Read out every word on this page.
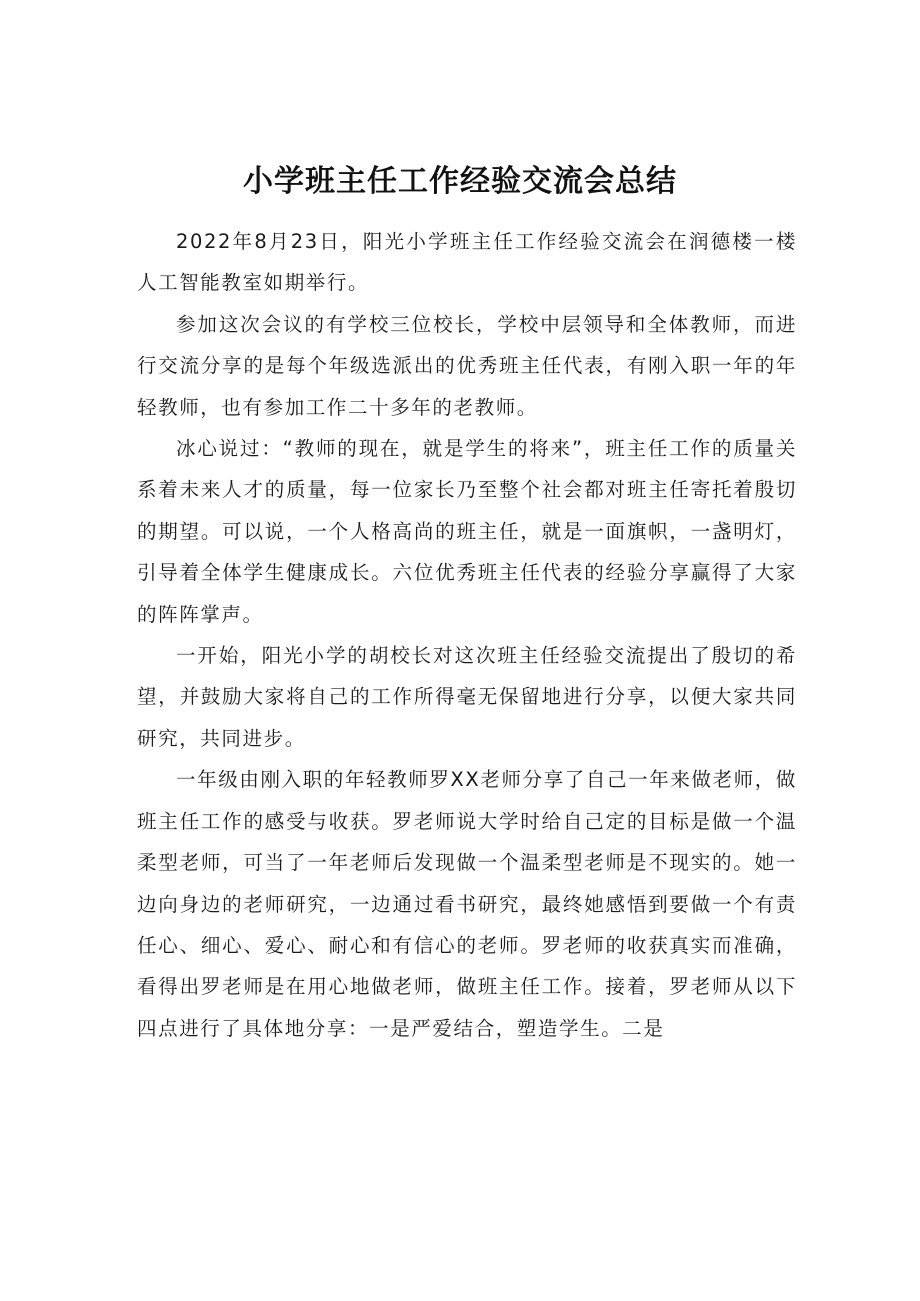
小学班主任工作经验交流会总结

2022年8月23日，阳光小学班主任工作经验交流会在润德楼一楼人工智能教室如期举行。

参加这次会议的有学校三位校长，学校中层领导和全体教师，而进行交流分享的是每个年级选派出的优秀班主任代表，有刚入职一年的年轻教师，也有参加工作二十多年的老教师。

冰心说过：“教师的现在，就是学生的将来”，班主任工作的质量关系着未来人才的质量，每一位家长乃至整个社会都对班主任寄托着殷切的期望。可以说，一个人格高尚的班主任，就是一面旗帜，一盏明灯，引导着全体学生健康成长。六位优秀班主任代表的经验分享赢得了大家的阵阵掌声。

一开始，阳光小学的胡校长对这次班主任经验交流提出了殷切的希望，并鼓励大家将自己的工作所得毫无保留地进行分享，以便大家共同研究，共同进步。

一年级由刚入职的年轻教师罗XX老师分享了自己一年来做老师，做班主任工作的感受与收获。罗老师说大学时给自己定的目标是做一个温柔型老师，可当了一年老师后发现做一个温柔型老师是不现实的。她一边向身边的老师研究，一边通过看书研究，最终她感悟到要做一个有责任心、细心、爱心、耐心和有信心的老师。罗老师的收获真实而准确，看得出罗老师是在用心地做老师，做班主任工作。接着，罗老师从以下四点进行了具体地分享：一是严爱结合，塑造学生。二是
